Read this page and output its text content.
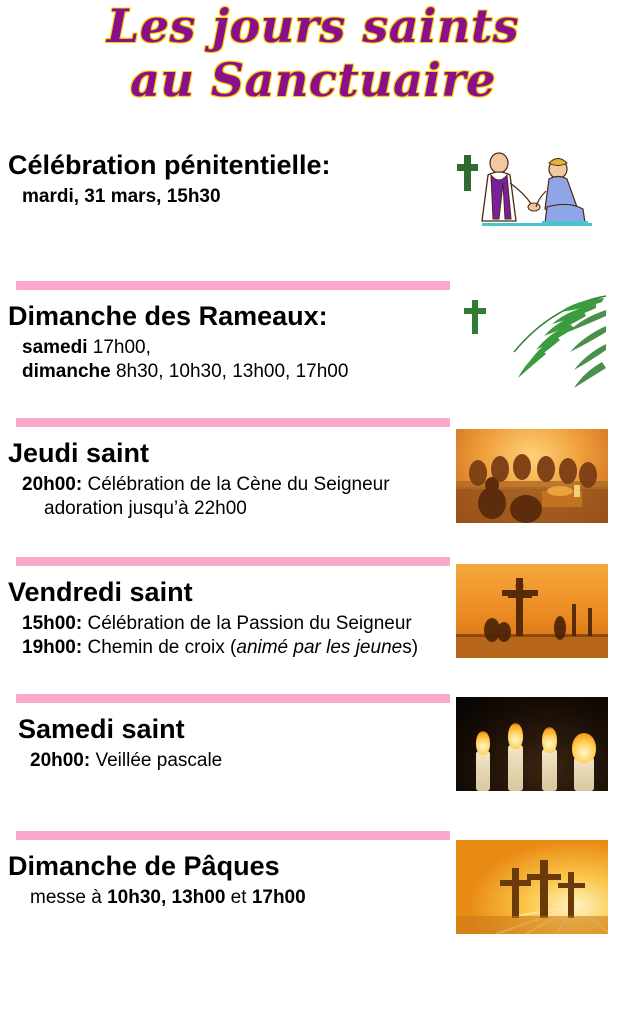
Les jours saints
au Sanctuaire
Célébration pénitentielle:
mardi, 31 mars, 15h30
Dimanche des Rameaux:
samedi 17h00,
dimanche 8h30, 10h30, 13h00, 17h00
Jeudi saint
20h00: Célébration de la Cène du Seigneur
adoration jusqu’à 22h00
Vendredi saint
15h00: Célébration de la Passion du Seigneur
19h00: Chemin de croix (animé par les jeunes)
Samedi saint
20h00: Veillée pascale
Dimanche de Pâques
messe à 10h30, 13h00 et 17h00
